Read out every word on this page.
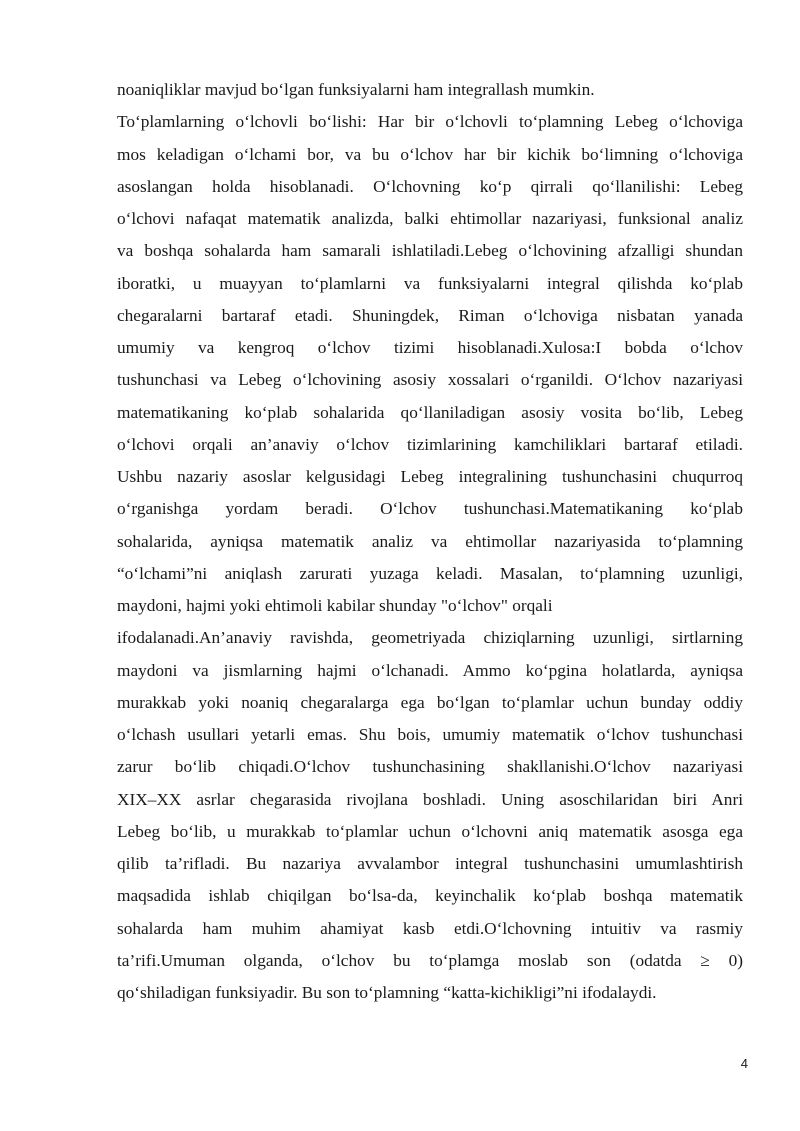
noaniqliklar mavjud bo‘lgan funksiyalarni ham integrallash mumkin.
To‘plamlarning o‘lchovli bo‘lishi: Har bir o‘lchovli to‘plamning Lebeg o‘lchoviga
mos keladigan o‘lchami bor, va bu o‘lchov har bir kichik bo‘limning o‘lchoviga
asoslangan holda hisoblanadi. O‘lchovning ko‘p qirrali qo‘llanilishi: Lebeg
o‘lchovi nafaqat matematik analizda, balki ehtimollar nazariyasi, funksional analiz
va boshqa sohalarda ham samarali ishlatiladi.Lebeg o‘lchovining afzalligi shundan
iboratki, u muayyan to‘plamlarni va funksiyalarni integral qilishda ko‘plab
chegaralarni bartaraf etadi. Shuningdek, Riman o‘lchoviga nisbatan yanada
umumiy va kengroq o‘lchov tizimi hisoblanadi.Xulosa:I bobda o‘lchov
tushunchasi va Lebeg o‘lchovining asosiy xossalari o‘rganildi. O‘lchov nazariyasi
matematikaning ko‘plab sohalarida qo‘llaniladigan asosiy vosita bo‘lib, Lebeg
o‘lchovi orqali an’anaviy o‘lchov tizimlarining kamchiliklari bartaraf etiladi.
Ushbu nazariy asoslar kelgusidagi Lebeg integralining tushunchasini chuqurroq
o‘rganishga yordam beradi. O‘lchov tushunchasi.Matematikaning ko‘plab
sohalarida, ayniqsa matematik analiz va ehtimollar nazariyasida to‘plamning
“o‘lchami”ni aniqlash zarurati yuzaga keladi. Masalan, to‘plamning uzunligi,
maydoni, hajmi yoki ehtimoli kabilar shunday "o‘lchov" orqali
ifodalanadi.An’anaviy ravishda, geometriyada chiziqlarning uzunligi, sirtlarning
maydoni va jismlarning hajmi o‘lchanadi. Ammo ko‘pgina holatlarda, ayniqsa
murakkab yoki noaniq chegaralarga ega bo‘lgan to‘plamlar uchun bunday oddiy
o‘lchash usullari yetarli emas. Shu bois, umumiy matematik o‘lchov tushunchasi
zarur bo‘lib chiqadi.O‘lchov tushunchasining shakllanishi.O‘lchov nazariyasi
XIX–XX asrlar chegarasida rivojlana boshladi. Uning asoschilaridan biri Anri
Lebeg bo‘lib, u murakkab to‘plamlar uchun o‘lchovni aniq matematik asosga ega
qilib ta’rifladi. Bu nazariya avvalambor integral tushunchasini umumlashtirish
maqsadida ishlab chiqilgan bo‘lsa-da, keyinchalik ko‘plab boshqa matematik
sohalarda ham muhim ahamiyat kasb etdi.O‘lchovning intuitiv va rasmiy
ta’rifi.Umuman olganda, o‘lchov bu to‘plamga moslab son (odatda ≥ 0)
qo‘shiladigan funksiyadir. Bu son to‘plamning “katta-kichikligi”ni ifodalaydi.
4
